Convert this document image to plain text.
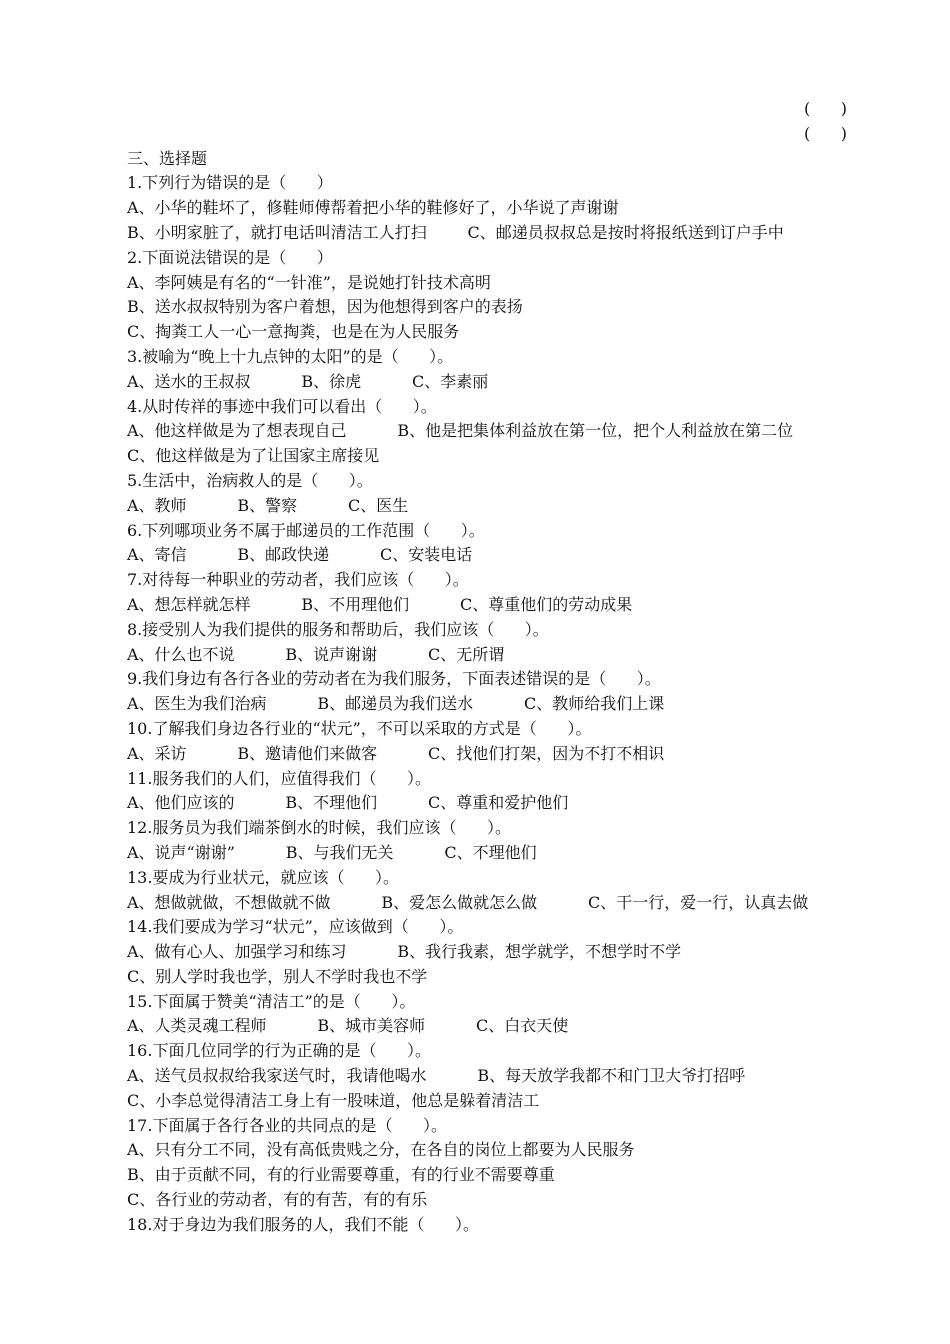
(      )

(      )

三、选择题
1.下列行为错误的是（      ）
A、小华的鞋坏了，修鞋师傅帮着把小华的鞋修好了，小华说了声谢谢
B、小明家脏了，就打电话叫清洁工人打扫        C、邮递员叔叔总是按时将报纸送到订户手中
2.下面说法错误的是（      ）
A、李阿姨是有名的“一针准”，是说她打针技术高明
B、送水叔叔特别为客户着想，因为他想得到客户的表扬
C、掏粪工人一心一意掏粪，也是在为人民服务
3.被喻为“晚上十九点钟的太阳”的是（      ）。
A、送水的王叔叔          B、徐虎          C、李素丽
4.从时传祥的事迹中我们可以看出（      ）。
A、他这样做是为了想表现自己          B、他是把集体利益放在第一位，把个人利益放在第二位
C、他这样做是为了让国家主席接见
5.生活中，治病救人的是（      ）。
A、教师          B、警察          C、医生
6.下列哪项业务不属于邮递员的工作范围（      ）。
A、寄信          B、邮政快递          C、安装电话
7.对待每一种职业的劳动者，我们应该（      ）。
A、想怎样就怎样          B、不用理他们          C、尊重他们的劳动成果
8.接受别人为我们提供的服务和帮助后，我们应该（      ）。
A、什么也不说          B、说声谢谢          C、无所谓
9.我们身边有各行各业的劳动者在为我们服务，下面表述错误的是（      ）。
A、医生为我们治病          B、邮递员为我们送水          C、教师给我们上课
10.了解我们身边各行业的“状元”，不可以采取的方式是（      ）。
A、采访          B、邀请他们来做客          C、找他们打架，因为不打不相识
11.服务我们的人们，应值得我们（      ）。
A、他们应该的          B、不理他们          C、尊重和爱护他们
12.服务员为我们端茶倒水的时候，我们应该（      ）。
A、说声“谢谢”          B、与我们无关          C、不理他们
13.要成为行业状元，就应该（      ）。
A、想做就做，不想做就不做          B、爱怎么做就怎么做          C、干一行，爱一行，认真去做
14.我们要成为学习“状元”，应该做到（      ）。
A、做有心人、加强学习和练习          B、我行我素，想学就学，不想学时不学
C、别人学时我也学，别人不学时我也不学
15.下面属于赞美“清洁工”的是（      ）。
A、人类灵魂工程师          B、城市美容师          C、白衣天使
16.下面几位同学的行为正确的是（      ）。
A、送气员叔叔给我家送气时，我请他喝水          B、每天放学我都不和门卫大爷打招呼
C、小李总觉得清洁工身上有一股味道，他总是躲着清洁工
17.下面属于各行各业的共同点的是（      ）。
A、只有分工不同，没有高低贵贱之分，在各自的岗位上都要为人民服务
B、由于贡献不同，有的行业需要尊重，有的行业不需要尊重
C、各行业的劳动者，有的有苦，有的有乐
18.对于身边为我们服务的人，我们不能（      ）。
